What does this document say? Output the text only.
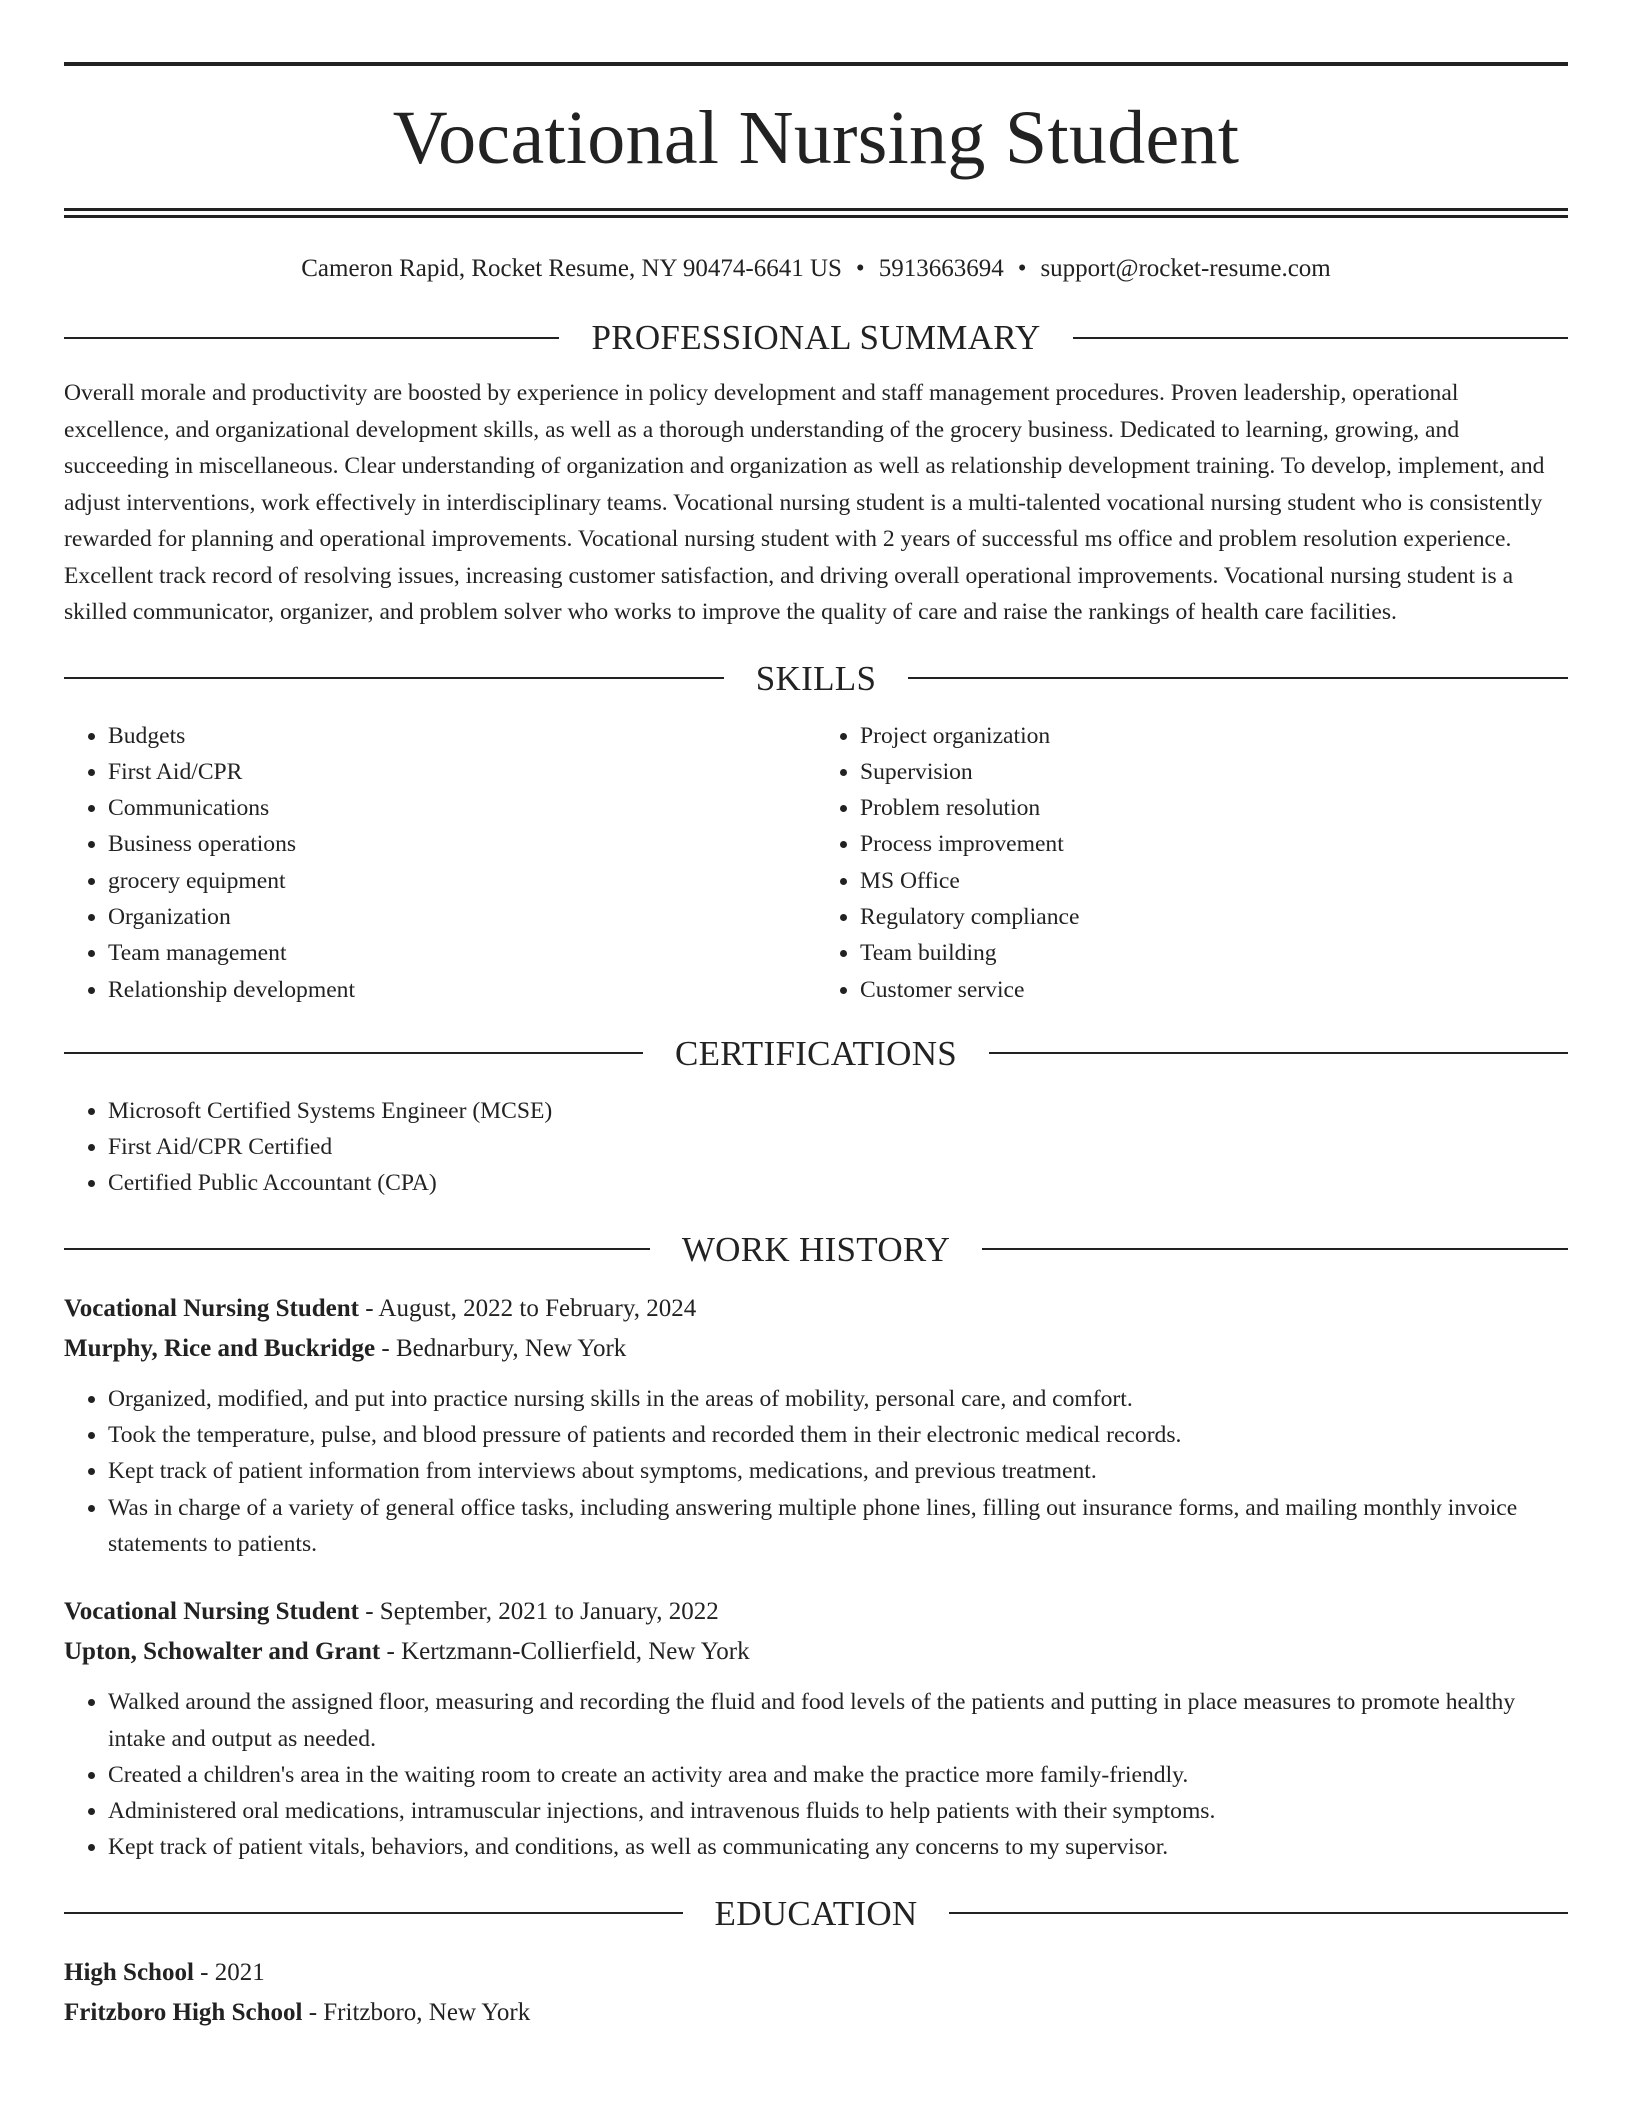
Vocational Nursing Student
Cameron Rapid, Rocket Resume, NY 90474-6641 US • 5913663694 • support@rocket-resume.com
PROFESSIONAL SUMMARY

Overall morale and productivity are boosted by experience in policy development and staff management procedures. Proven leadership, operational excellence, and organizational development skills, as well as a thorough understanding of the grocery business. Dedicated to learning, growing, and succeeding in miscellaneous. Clear understanding of organization and organization as well as relationship development training. To develop, implement, and adjust interventions, work effectively in interdisciplinary teams. Vocational nursing student is a multi-talented vocational nursing student who is consistently rewarded for planning and operational improvements. Vocational nursing student with 2 years of successful ms office and problem resolution experience. Excellent track record of resolving issues, increasing customer satisfaction, and driving overall operational improvements. Vocational nursing student is a skilled communicator, organizer, and problem solver who works to improve the quality of care and raise the rankings of health care facilities.

SKILLS
• Budgets
• First Aid/CPR
• Communications
• Business operations
• grocery equipment
• Organization
• Team management
• Relationship development
• Project organization
• Supervision
• Problem resolution
• Process improvement
• MS Office
• Regulatory compliance
• Team building
• Customer service
CERTIFICATIONS
• Microsoft Certified Systems Engineer (MCSE)
• First Aid/CPR Certified
• Certified Public Accountant (CPA)
WORK HISTORY
Vocational Nursing Student - August, 2022 to February, 2024
Murphy, Rice and Buckridge - Bednarbury, New York
• Organized, modified, and put into practice nursing skills in the areas of mobility, personal care, and comfort.
• Took the temperature, pulse, and blood pressure of patients and recorded them in their electronic medical records.
• Kept track of patient information from interviews about symptoms, medications, and previous treatment.
• Was in charge of a variety of general office tasks, including answering multiple phone lines, filling out insurance forms, and mailing monthly invoice statements to patients.
Vocational Nursing Student - September, 2021 to January, 2022
Upton, Schowalter and Grant - Kertzmann-Collierfield, New York
• Walked around the assigned floor, measuring and recording the fluid and food levels of the patients and putting in place measures to promote healthy intake and output as needed.
• Created a children's area in the waiting room to create an activity area and make the practice more family-friendly.
• Administered oral medications, intramuscular injections, and intravenous fluids to help patients with their symptoms.
• Kept track of patient vitals, behaviors, and conditions, as well as communicating any concerns to my supervisor.
EDUCATION
High School - 2021
Fritzboro High School - Fritzboro, New York
